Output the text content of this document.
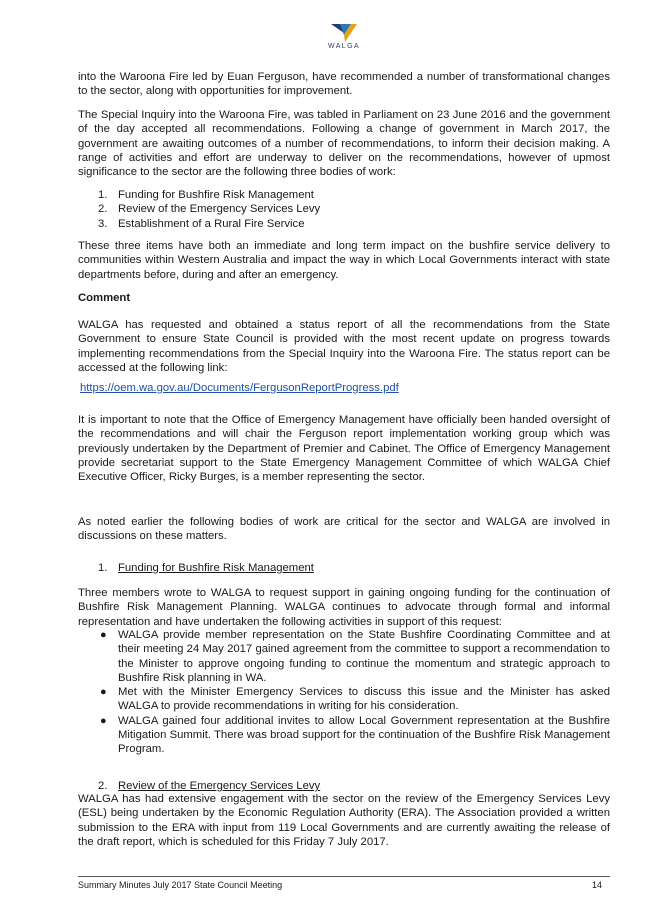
WALGA

into the Waroona Fire led by Euan Ferguson, have recommended a number of transformational changes to the sector, along with opportunities for improvement.

The Special Inquiry into the Waroona Fire, was tabled in Parliament on 23 June 2016 and the government of the day accepted all recommendations. Following a change of government in March 2017, the government are awaiting outcomes of a number of recommendations, to inform their decision making. A range of activities and effort are underway to deliver on the recommendations, however of upmost significance to the sector are the following three bodies of work:

1. Funding for Bushfire Risk Management
2. Review of the Emergency Services Levy
3. Establishment of a Rural Fire Service

These three items have both an immediate and long term impact on the bushfire service delivery to communities within Western Australia and impact the way in which Local Governments interact with state departments before, during and after an emergency.

Comment

WALGA has requested and obtained a status report of all the recommendations from the State Government to ensure State Council is provided with the most recent update on progress towards implementing recommendations from the Special Inquiry into the Waroona Fire. The status report can be accessed at the following link:

https://oem.wa.gov.au/Documents/FergusonReportProgress.pdf

It is important to note that the Office of Emergency Management have officially been handed oversight of the recommendations and will chair the Ferguson report implementation working group which was previously undertaken by the Department of Premier and Cabinet. The Office of Emergency Management provide secretariat support to the State Emergency Management Committee of which WALGA Chief Executive Officer, Ricky Burges, is a member representing the sector.

As noted earlier the following bodies of work are critical for the sector and WALGA are involved in discussions on these matters.

1. Funding for Bushfire Risk Management

Three members wrote to WALGA to request support in gaining ongoing funding for the continuation of Bushfire Risk Management Planning. WALGA continues to advocate through formal and informal representation and have undertaken the following activities in support of this request:

● WALGA provide member representation on the State Bushfire Coordinating Committee and at their meeting 24 May 2017 gained agreement from the committee to support a recommendation to the Minister to approve ongoing funding to continue the momentum and strategic approach to Bushfire Risk planning in WA.
● Met with the Minister Emergency Services to discuss this issue and the Minister has asked WALGA to provide recommendations in writing for his consideration.
● WALGA gained four additional invites to allow Local Government representation at the Bushfire Mitigation Summit. There was broad support for the continuation of the Bushfire Risk Management Program.
2. Review of the Emergency Services Levy

WALGA has had extensive engagement with the sector on the review of the Emergency Services Levy (ESL) being undertaken by the Economic Regulation Authority (ERA). The Association provided a written submission to the ERA with input from 119 Local Governments and are currently awaiting the release of the draft report, which is scheduled for this Friday 7 July 2017.

Summary Minutes July 2017 State Council Meeting	14
